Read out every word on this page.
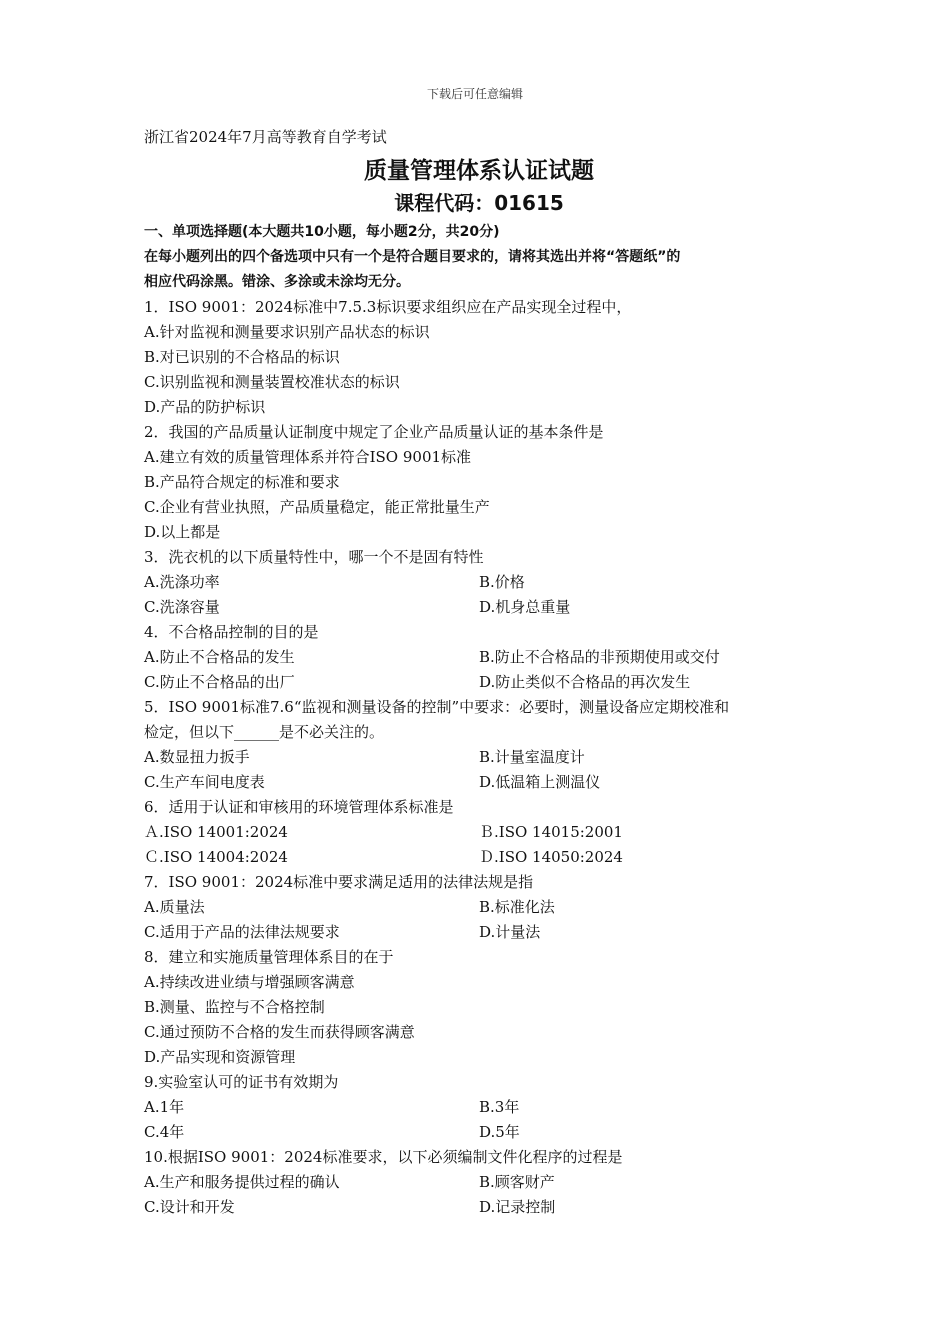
下载后可任意编辑
浙江省2024年7月高等教育自学考试
质量管理体系认证试题
课程代码：01615
一、单项选择题(本大题共10小题，每小题2分，共20分)
在每小题列出的四个备选项中只有一个是符合题目要求的，请将其选出并将“答题纸”的
相应代码涂黑。错涂、多涂或未涂均无分。
1．ISO 9001：2024标准中7.5.3标识要求组织应在产品实现全过程中，
A.针对监视和测量要求识别产品状态的标识
B.对已识别的不合格品的标识
C.识别监视和测量装置校准状态的标识
D.产品的防护标识
2．我国的产品质量认证制度中规定了企业产品质量认证的基本条件是
A.建立有效的质量管理体系并符合ISO 9001标准
B.产品符合规定的标准和要求
C.企业有营业执照，产品质量稳定，能正常批量生产
D.以上都是
3．洗衣机的以下质量特性中，哪一个不是固有特性
A.洗涤功率	B.价格
C.洗涤容量	D.机身总重量
4．不合格品控制的目的是
A.防止不合格品的发生	B.防止不合格品的非预期使用或交付
C.防止不合格品的出厂	D.防止类似不合格品的再次发生
5．ISO 9001标准7.6“监视和测量设备的控制”中要求：必要时，测量设备应定期校准和
检定，但以下______是不必关注的。
A.数显扭力扳手	B.计量室温度计
C.生产车间电度表	D.低温箱上测温仪
6．适用于认证和审核用的环境管理体系标准是
Ａ.ISO 14001:2024	Ｂ.ISO 14015:2001
Ｃ.ISO 14004:2024	Ｄ.ISO 14050:2024
7．ISO 9001：2024标准中要求满足适用的法律法规是指
A.质量法	B.标准化法
C.适用于产品的法律法规要求	D.计量法
8．建立和实施质量管理体系目的在于
A.持续改进业绩与增强顾客满意
B.测量、监控与不合格控制
C.通过预防不合格的发生而获得顾客满意
D.产品实现和资源管理
9.实验室认可的证书有效期为
A.1年	B.3年
C.4年	D.5年
10.根据ISO 9001：2024标准要求，以下必须编制文件化程序的过程是
A.生产和服务提供过程的确认	B.顾客财产
C.设计和开发	D.记录控制
